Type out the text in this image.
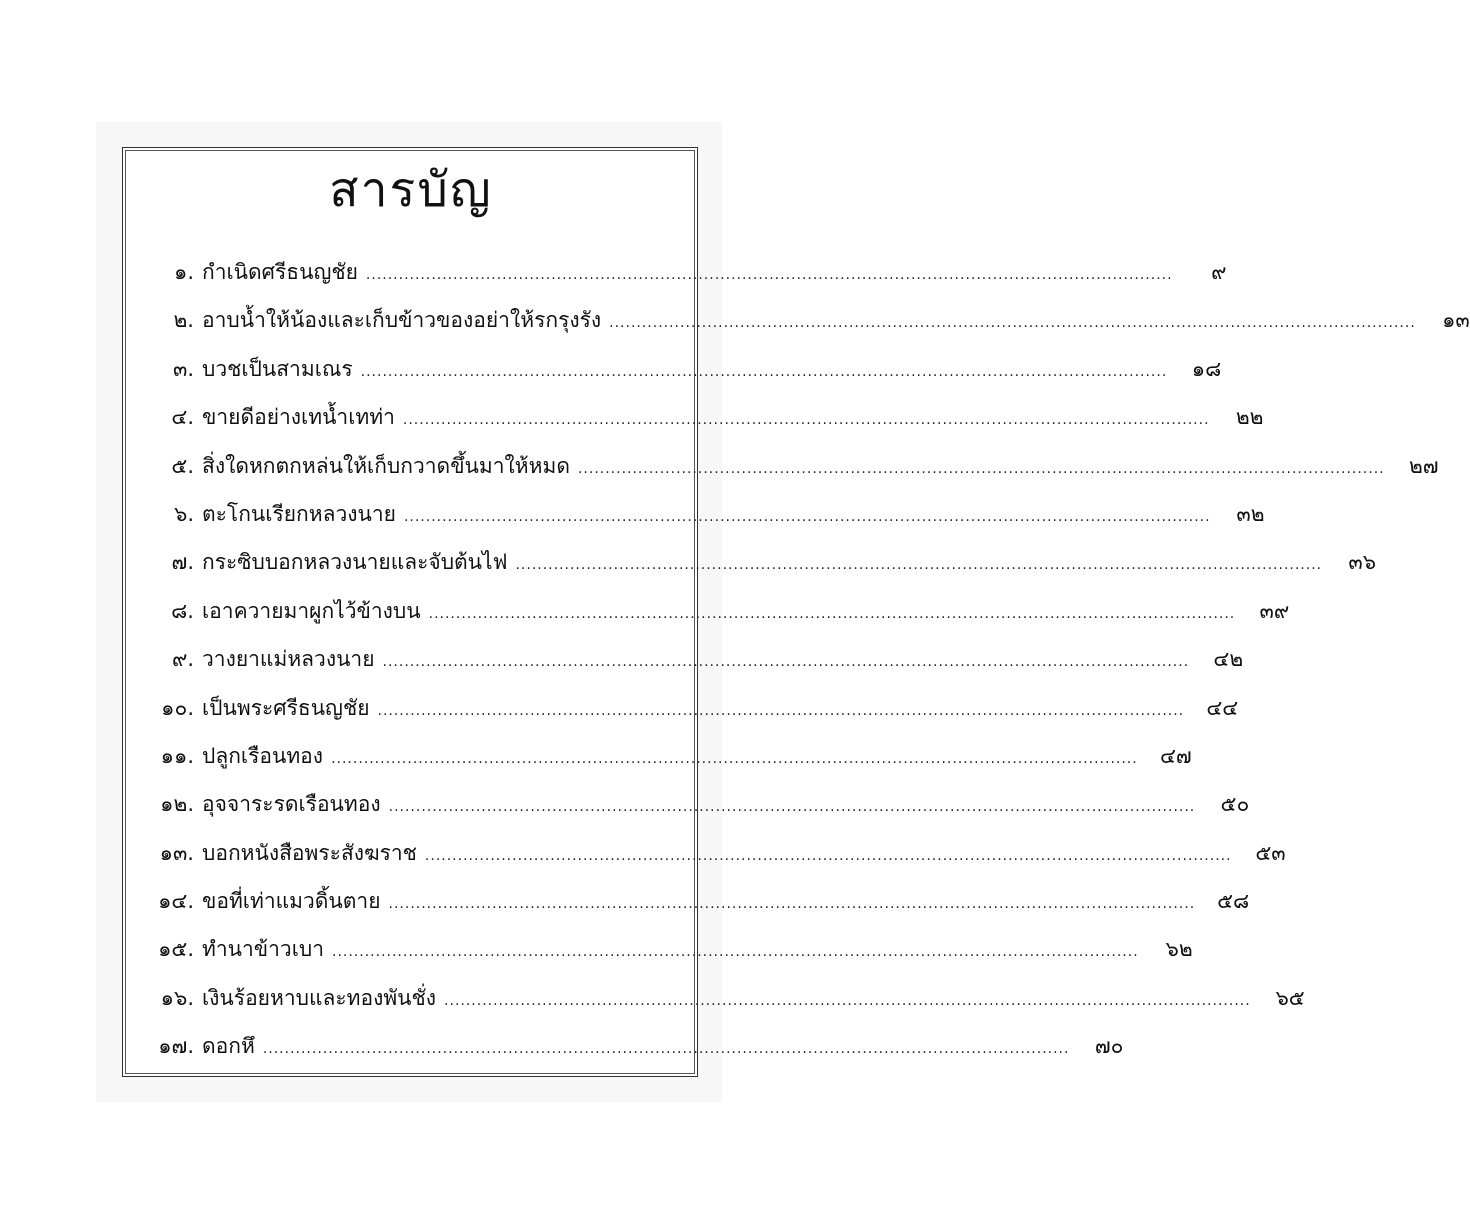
สารบัญ
๑. กำเนิดศรีธนญชัย .....	๙
๒. อาบน้ำให้น้องและเก็บข้าวของอย่าให้รกรุงรัง .....	๑๓
๓. บวชเป็นสามเณร .....	๑๘
๔. ขายดีอย่างเทน้ำเทท่า .....	๒๒
๕. สิ่งใดหกตกหล่นให้เก็บกวาดขึ้นมาให้หมด .....	๒๗
๖. ตะโกนเรียกหลวงนาย .....	๓๒
๗. กระซิบบอกหลวงนายและจับต้นไฟ .....	๓๖
๘. เอาควายมาผูกไว้ข้างบน .....	๓๙
๙. วางยาแม่หลวงนาย .....	๔๒
๑๐. เป็นพระศรีธนญชัย .....	๔๔
๑๑. ปลูกเรือนทอง .....	๔๗
๑๒. อุจจาระรดเรือนทอง .....	๕๐
๑๓. บอกหนังสือพระสังฆราช .....	๕๓
๑๔. ขอที่เท่าแมวดิ้นตาย .....	๕๘
๑๕. ทำนาข้าวเบา .....	๖๒
๑๖. เงินร้อยหาบและทองพันชั่ง .....	๖๕
๑๗. ดอกหึ .....	๗๐
